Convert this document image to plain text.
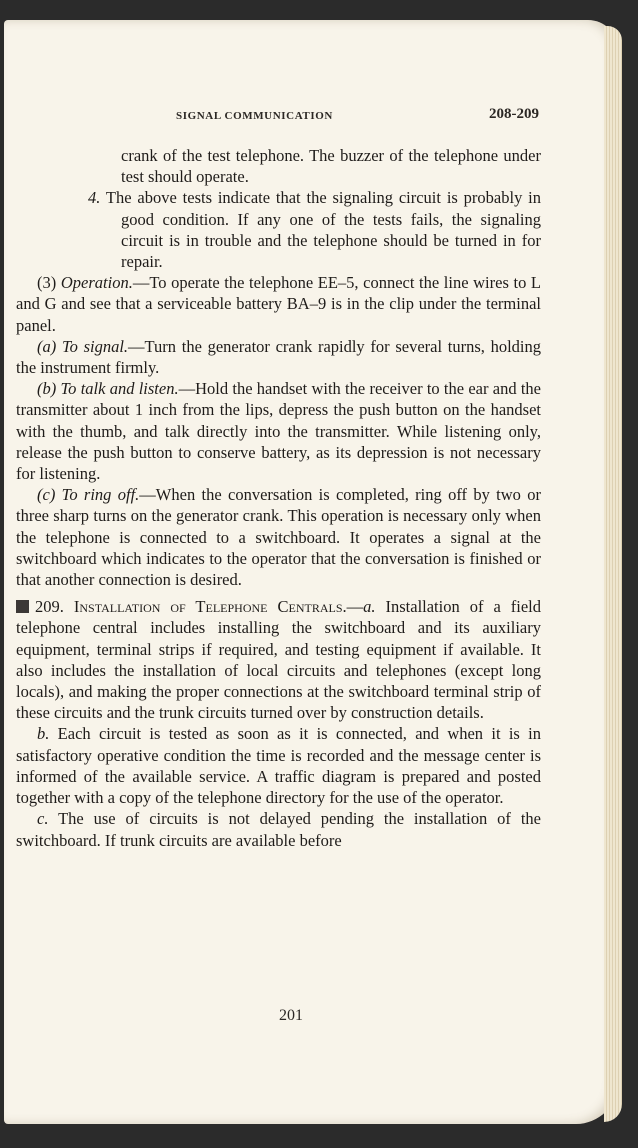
SIGNAL COMMUNICATION	208-209

crank of the test telephone. The buzzer of the telephone under test should operate.

4. The above tests indicate that the signaling circuit is probably in good condition. If any one of the tests fails, the signaling circuit is in trouble and the telephone should be turned in for repair.

(3) Operation.—To operate the telephone EE–5, connect the line wires to L and G and see that a serviceable battery BA–9 is in the clip under the terminal panel.

(a) To signal.—Turn the generator crank rapidly for several turns, holding the instrument firmly.

(b) To talk and listen.—Hold the handset with the receiver to the ear and the transmitter about 1 inch from the lips, depress the push button on the handset with the thumb, and talk directly into the transmitter. While listening only, release the push button to conserve battery, as its depression is not necessary for listening.

(c) To ring off.—When the conversation is completed, ring off by two or three sharp turns on the generator crank. This operation is necessary only when the telephone is connected to a switchboard. It operates a signal at the switchboard which indicates to the operator that the conversation is finished or that another connection is desired.

209. Installation of Telephone Centrals.—a. Installation of a field telephone central includes installing the switchboard and its auxiliary equipment, terminal strips if required, and testing equipment if available. It also includes the installation of local circuits and telephones (except long locals), and making the proper connections at the switchboard terminal strip of these circuits and the trunk circuits turned over by construction details.

b. Each circuit is tested as soon as it is connected, and when it is in satisfactory operative condition the time is recorded and the message center is informed of the available service. A traffic diagram is prepared and posted together with a copy of the telephone directory for the use of the operator.

c. The use of circuits is not delayed pending the installation of the switchboard. If trunk circuits are available before

201
